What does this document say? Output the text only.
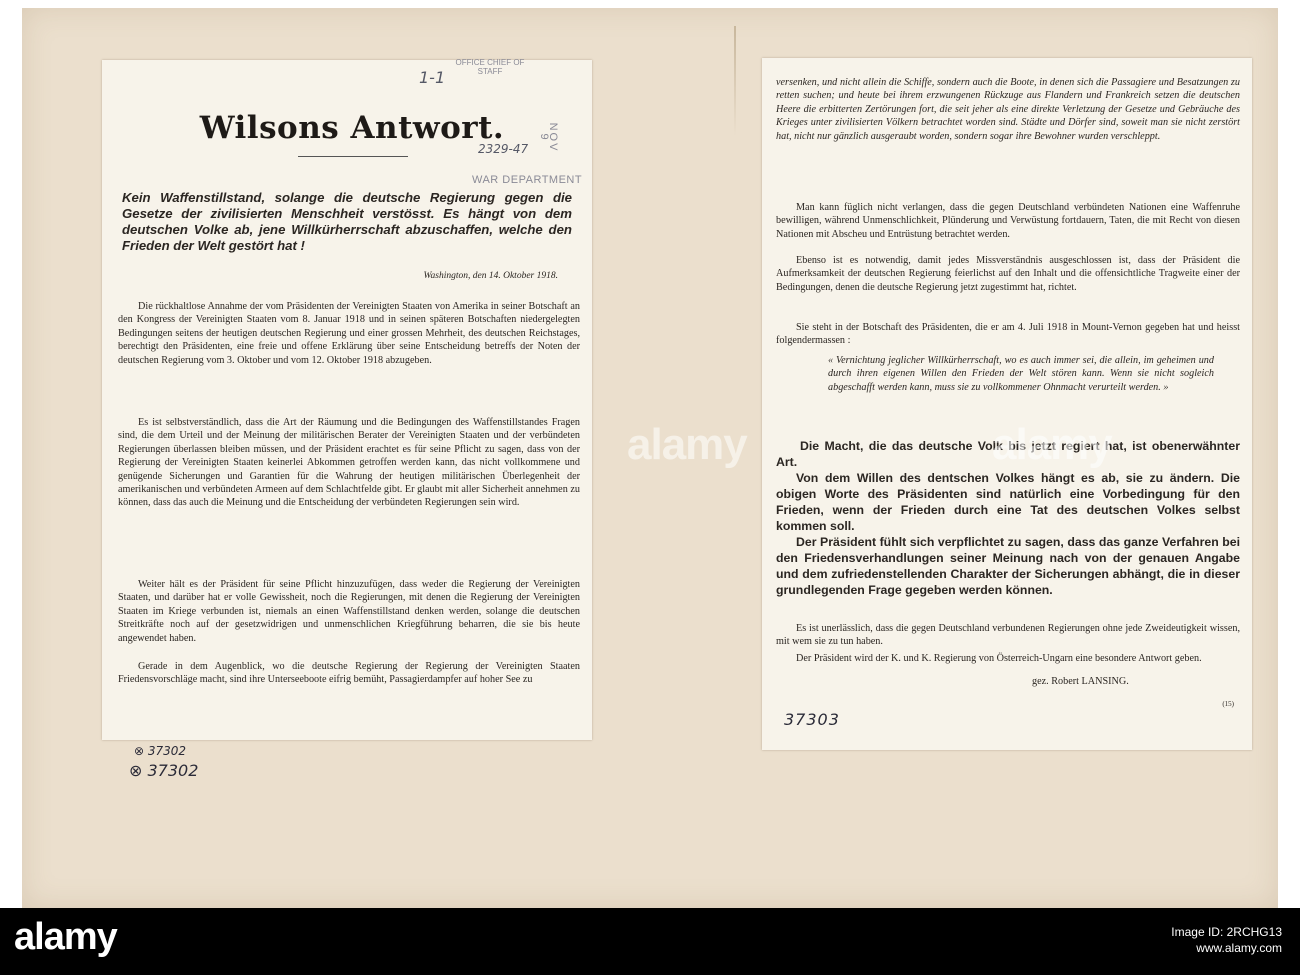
OFFICE CHIEF OF STAFF
1-1
2329-47	NOV 9
Wilsons Antwort.
WAR DEPARTMENT

Kein Waffenstillstand, solange die deutsche Regierung gegen die Gesetze der zivilisierten Menschheit verstösst. Es hängt von dem deutschen Volke ab, jene Willkürherrschaft abzuschaffen, welche den Frieden der Welt gestört hat !

Washington, den 14. Oktober 1918.

Die rückhaltlose Annahme der vom Präsidenten der Vereinigten Staaten von Amerika in seiner Botschaft an den Kongress der Vereinigten Staaten vom 8. Januar 1918 und in seinen späteren Botschaften niedergelegten Bedingungen seitens der heutigen deutschen Regierung und einer grossen Mehrheit, des deutschen Reichstages, berechtigt den Präsidenten, eine freie und offene Erklärung über seine Entscheidung betreffs der Noten der deutschen Regierung vom 3. Oktober und vom 12. Oktober 1918 abzugeben.

Es ist selbstverständlich, dass die Art der Räumung und die Bedingungen des Waffenstillstandes Fragen sind, die dem Urteil und der Meinung der militärischen Berater der Vereinigten Staaten und der verbündeten Regierungen überlassen bleiben müssen, und der Präsident erachtet es für seine Pflicht zu sagen, dass von der Regierung der Vereinigten Staaten keinerlei Abkommen getroffen werden kann, das nicht vollkommene und genügende Sicherungen und Garantien für die Wahrung der heutigen militärischen Überlegenheit der amerikanischen und verbündeten Armeen auf dem Schlachtfelde gibt. Er glaubt mit aller Sicherheit annehmen zu können, dass das auch die Meinung und die Entscheidung der verbündeten Regierungen sein wird.

Weiter hält es der Präsident für seine Pflicht hinzuzufügen, dass weder die Regierung der Vereinigten Staaten, und darüber hat er volle Gewissheit, noch die Regierungen, mit denen die Regierung der Vereinigten Staaten im Kriege verbunden ist, niemals an einen Waffenstillstand denken werden, solange die deutschen Streitkräfte noch auf der gesetzwidrigen und unmenschlichen Kriegführung beharren, die sie bis heute angewendet haben.

Gerade in dem Augenblick, wo die deutsche Regierung der Regierung der Vereinigten Staaten Friedensvorschläge macht, sind ihre Unterseeboote eifrig bemüht, Passagierdampfer auf hoher See zu

⊗ 37302
⊗ 37302

versenken, und nicht allein die Schiffe, sondern auch die Boote, in denen sich die Passagiere und Besatzungen zu retten suchen; und heute bei ihrem erzwungenen Rückzuge aus Flandern und Frankreich setzen die deutschen Heere die erbitterten Zertörungen fort, die seit jeher als eine direkte Verletzung der Gesetze und Gebräuche des Krieges unter zivilisierten Völkern betrachtet worden sind. Städte und Dörfer sind, soweit man sie nicht zerstört hat, nicht nur gänzlich ausgeraubt worden, sondern sogar ihre Bewohner wurden verschleppt.

Man kann füglich nicht verlangen, dass die gegen Deutschland verbündeten Nationen eine Waffenruhe bewilligen, während Unmenschlichkeit, Plünderung und Verwüstung fortdauern, Taten, die mit Recht von diesen Nationen mit Abscheu und Entrüstung betrachtet werden.

Ebenso ist es notwendig, damit jedes Missverständnis ausgeschlossen ist, dass der Präsident die Aufmerksamkeit der deutschen Regierung feierlichst auf den Inhalt und die offensichtliche Tragweite einer der Bedingungen, denen die deutsche Regierung jetzt zugestimmt hat, richtet.

Sie steht in der Botschaft des Präsidenten, die er am 4. Juli 1918 in Mount-Vernon gegeben hat und heisst folgendermassen :

« Vernichtung jeglicher Willkürherrschaft, wo es auch immer sei, die allein, im geheimen und durch ihren eigenen Willen den Frieden der Welt stören kann. Wenn sie nicht sogleich abgeschafft werden kann, muss sie zu vollkommener Ohnmacht verurteilt werden. »

Die Macht, die das deutsche Volk bis jetzt regiert hat, ist obenerwähnter Art.
Von dem Willen des dentschen Volkes hängt es ab, sie zu ändern. Die obigen Worte des Präsidenten sind natürlich eine Vorbedingung für den Frieden, wenn der Frieden durch eine Tat des deutschen Volkes selbst kommen soll.
Der Präsident fühlt sich verpflichtet zu sagen, dass das ganze Verfahren bei den Friedensverhandlungen seiner Meinung nach von der genauen Angabe und dem zufriedenstellenden Charakter der Sicherungen abhängt, die in dieser grundlegenden Frage gegeben werden können.

Es ist unerlässlich, dass die gegen Deutschland verbundenen Regierungen ohne jede Zweideutigkeit wissen, mit wem sie zu tun haben.

Der Präsident wird der K. und K. Regierung von Österreich-Ungarn eine besondere Antwort geben.

gez. Robert LANSING.

(15)

37303
alamy	alamy

alamy	Image ID: 2RCHG13
www.alamy.com
